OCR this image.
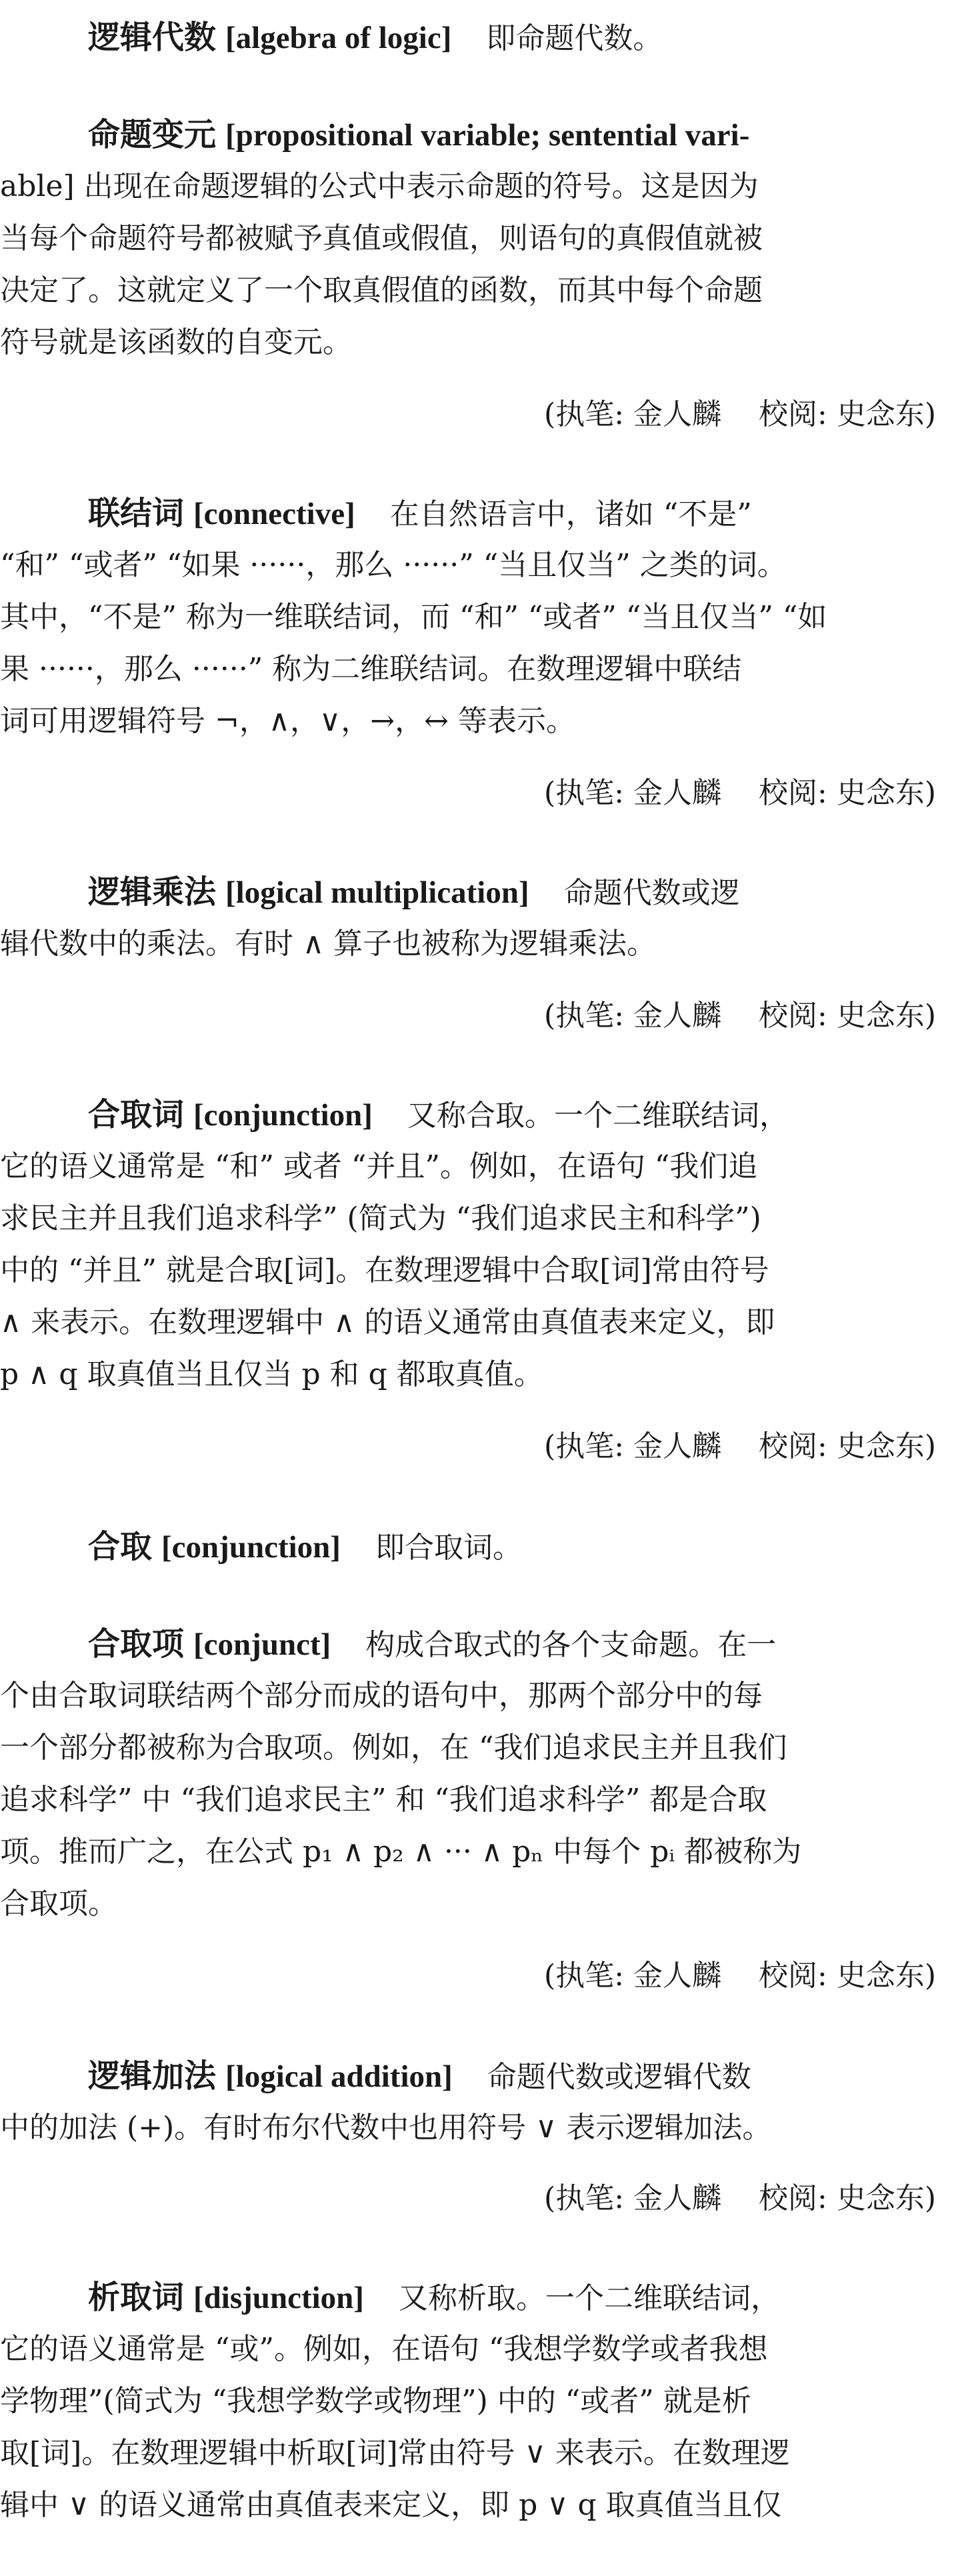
逻辑代数 [algebra of logic] 即命题代数。
命题变元 [propositional variable; sentential vari-
able] 出现在命题逻辑的公式中表示命题的符号。这是因为
当每个命题符号都被赋予真值或假值，则语句的真假值就被
决定了。这就定义了一个取真假值的函数，而其中每个命题
符号就是该函数的自变元。
(执笔: 金人麟 校阅: 史念东)
联结词 [connective] 在自然语言中，诸如 “不是”
“和” “或者” “如果 ······，那么 ······” “当且仅当” 之类的词。
其中，“不是” 称为一维联结词，而 “和” “或者” “当且仅当” “如
果 ······，那么 ······” 称为二维联结词。在数理逻辑中联结
词可用逻辑符号 ¬，∧，∨，→，↔ 等表示。
(执笔: 金人麟 校阅: 史念东)
逻辑乘法 [logical multiplication] 命题代数或逻
辑代数中的乘法。有时 ∧ 算子也被称为逻辑乘法。
(执笔: 金人麟 校阅: 史念东)
合取词 [conjunction] 又称合取。一个二维联结词，
它的语义通常是 “和” 或者 “并且”。例如，在语句 “我们追
求民主并且我们追求科学” (简式为 “我们追求民主和科学”)
中的 “并且” 就是合取[词]。在数理逻辑中合取[词]常由符号
∧ 来表示。在数理逻辑中 ∧ 的语义通常由真值表来定义，即
p ∧ q 取真值当且仅当 p 和 q 都取真值。
(执笔: 金人麟 校阅: 史念东)
合取 [conjunction] 即合取词。
合取项 [conjunct] 构成合取式的各个支命题。在一
个由合取词联结两个部分而成的语句中，那两个部分中的每
一个部分都被称为合取项。例如，在 “我们追求民主并且我们
追求科学” 中 “我们追求民主” 和 “我们追求科学” 都是合取
项。推而广之，在公式 p₁ ∧ p₂ ∧ ··· ∧ pₙ 中每个 pᵢ 都被称为
合取项。
(执笔: 金人麟 校阅: 史念东)
逻辑加法 [logical addition] 命题代数或逻辑代数
中的加法 (+)。有时布尔代数中也用符号 ∨ 表示逻辑加法。
(执笔: 金人麟 校阅: 史念东)
析取词 [disjunction] 又称析取。一个二维联结词，
它的语义通常是 “或”。例如，在语句 “我想学数学或者我想
学物理”(简式为 “我想学数学或物理”) 中的 “或者” 就是析
取[词]。在数理逻辑中析取[词]常由符号 ∨ 来表示。在数理逻
辑中 ∨ 的语义通常由真值表来定义，即 p ∨ q 取真值当且仅
